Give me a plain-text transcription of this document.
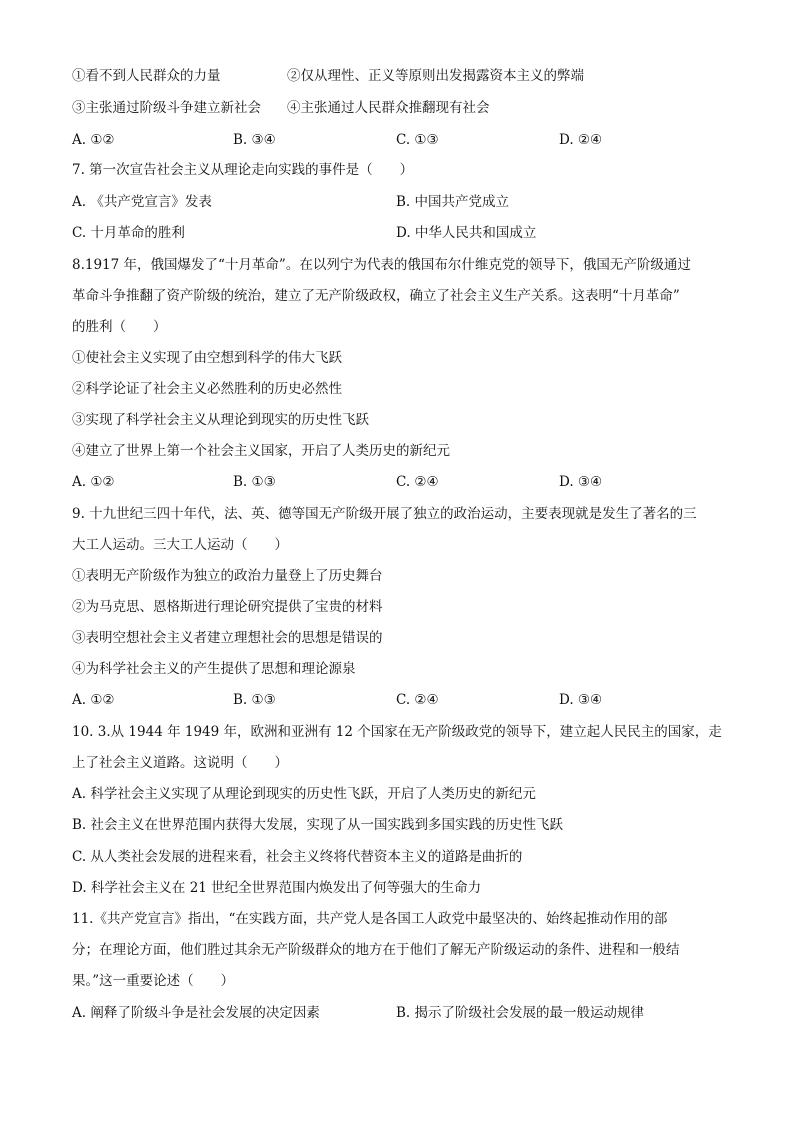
①看不到人民群众的力量	②仅从理性、正义等原则出发揭露资本主义的弊端
③主张通过阶级斗争建立新社会 ④主张通过人民群众推翻现有社会
A. ①②	B. ③④	C. ①③	D. ②④
7. 第一次宣告社会主义从理论走向实践的事件是（　　）
A. 《共产党宣言》发表	B. 中国共产党成立
C. 十月革命的胜利	D. 中华人民共和国成立
8.1917 年，俄国爆发了“十月革命”。在以列宁为代表的俄国布尔什维克党的领导下，俄国无产阶级通过
革命斗争推翻了资产阶级的统治，建立了无产阶级政权，确立了社会主义生产关系。这表明“十月革命”
的胜利（　　）
①使社会主义实现了由空想到科学的伟大飞跃
②科学论证了社会主义必然胜利的历史必然性
③实现了科学社会主义从理论到现实的历史性飞跃
④建立了世界上第一个社会主义国家，开启了人类历史的新纪元
A. ①②	B. ①③	C. ②④	D. ③④
9. 十九世纪三四十年代，法、英、德等国无产阶级开展了独立的政治运动，主要表现就是发生了著名的三
大工人运动。三大工人运动（　　）
①表明无产阶级作为独立的政治力量登上了历史舞台
②为马克思、恩格斯进行理论研究提供了宝贵的材料
③表明空想社会主义者建立理想社会的思想是错误的
④为科学社会主义的产生提供了思想和理论源泉
A. ①②	B. ①③	C. ②④	D. ③④
10. 3.从 1944 年 1949 年，欧洲和亚洲有 12 个国家在无产阶级政党的领导下，建立起人民民主的国家，走
上了社会主义道路。这说明（　　）
A. 科学社会主义实现了从理论到现实的历史性飞跃，开启了人类历史的新纪元
B. 社会主义在世界范围内获得大发展，实现了从一国实践到多国实践的历史性飞跃
C. 从人类社会发展的进程来看，社会主义终将代替资本主义的道路是曲折的
D. 科学社会主义在 21 世纪全世界范围内焕发出了何等强大的生命力
11.《共产党宣言》指出，“在实践方面，共产党人是各国工人政党中最坚决的、始终起推动作用的部
分；在理论方面，他们胜过其余无产阶级群众的地方在于他们了解无产阶级运动的条件、进程和一般结
果。”这一重要论述（　　）
A. 阐释了阶级斗争是社会发展的决定因素	B. 揭示了阶级社会发展的最一般运动规律
